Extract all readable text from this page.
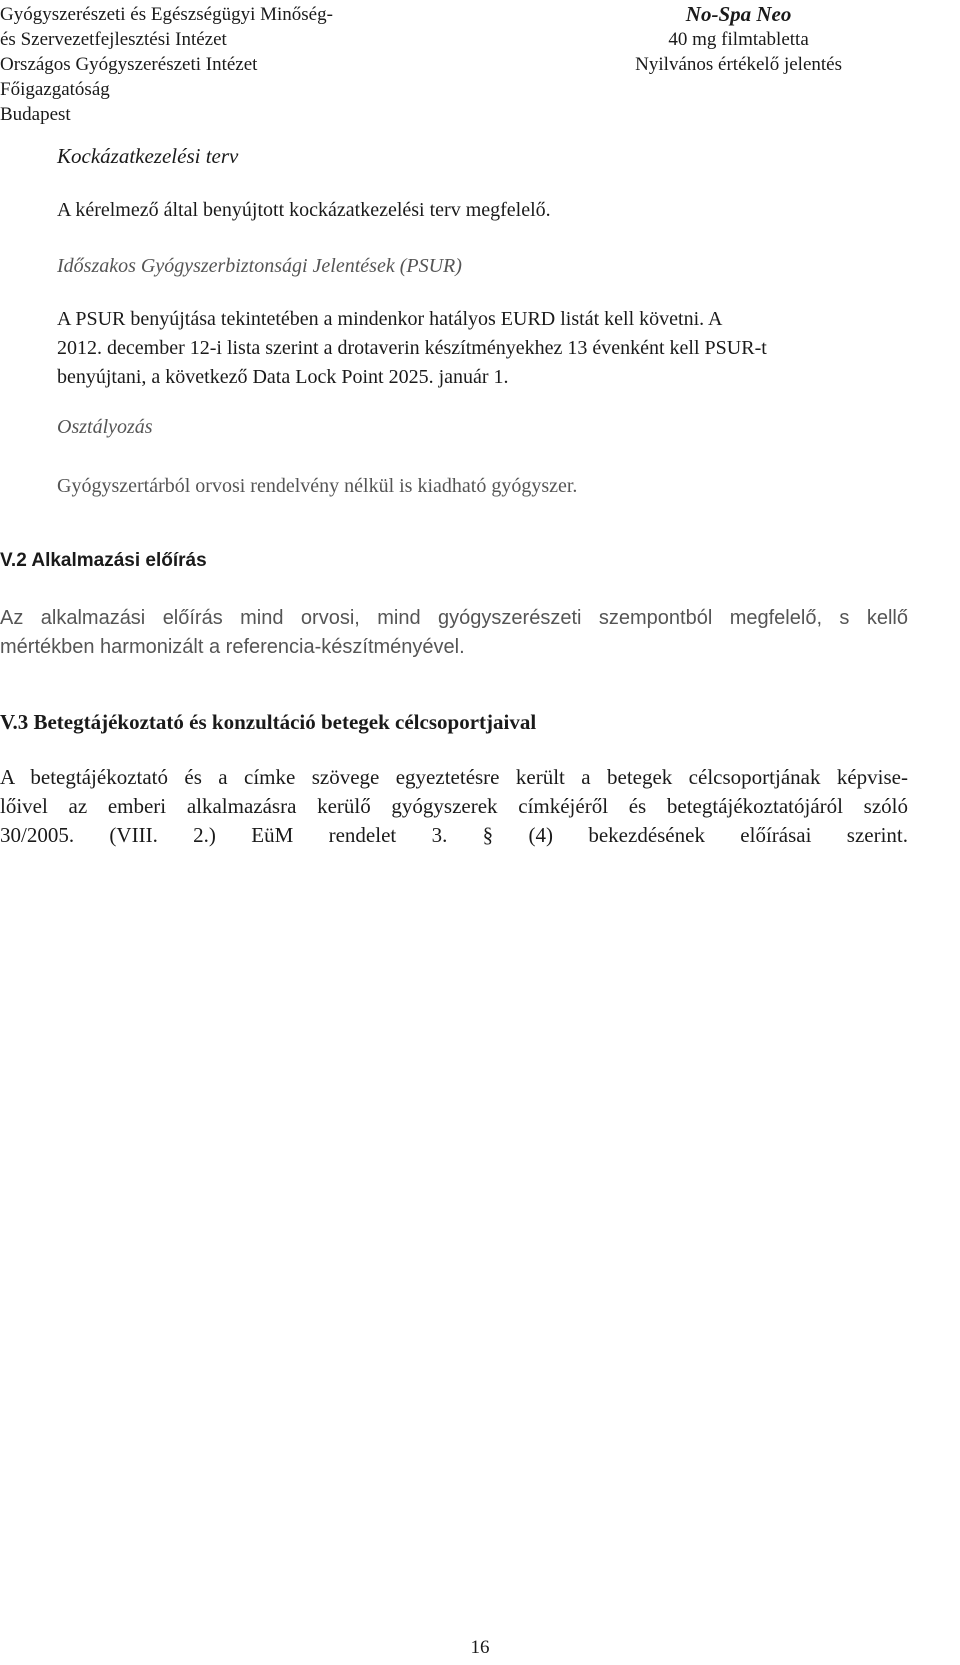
Gyógyszerészeti és Egészségügyi Minőség-
és Szervezetfejlesztési Intézet
Országos Gyógyszerészeti Intézet
Főigazgatóság
Budapest
No-Spa Neo
40 mg filmtabletta
Nyilvános értékelő jelentés
Kockázatkezelési terv
A kérelmező által benyújtott kockázatkezelési terv megfelelő.
Időszakos Gyógyszerbiztonsági Jelentések (PSUR)
A PSUR benyújtása tekintetében a mindenkor hatályos EURD listát kell követni. A
2012. december 12-i lista szerint a drotaverin készítményekhez 13 évenként kell PSUR-t
benyújtani, a következő Data Lock Point 2025. január 1.
Osztályozás
Gyógyszertárból orvosi rendelvény nélkül is kiadható gyógyszer.
V.2 Alkalmazási előírás
Az alkalmazási előírás mind orvosi, mind gyógyszerészeti szempontból megfelelő, s kellő
mértékben harmonizált a referencia-készítményével.
V.3 Betegtájékoztató és konzultáció betegek célcsoportjaival
A betegtájékoztató és a címke szövege egyeztetésre került a betegek célcsoportjának képvise-
lőivel az emberi alkalmazásra kerülő gyógyszerek címkéjéről és betegtájékoztatójáról szóló
30/2005. (VIII. 2.) EüM rendelet 3. § (4) bekezdésének előírásai szerint.
16
